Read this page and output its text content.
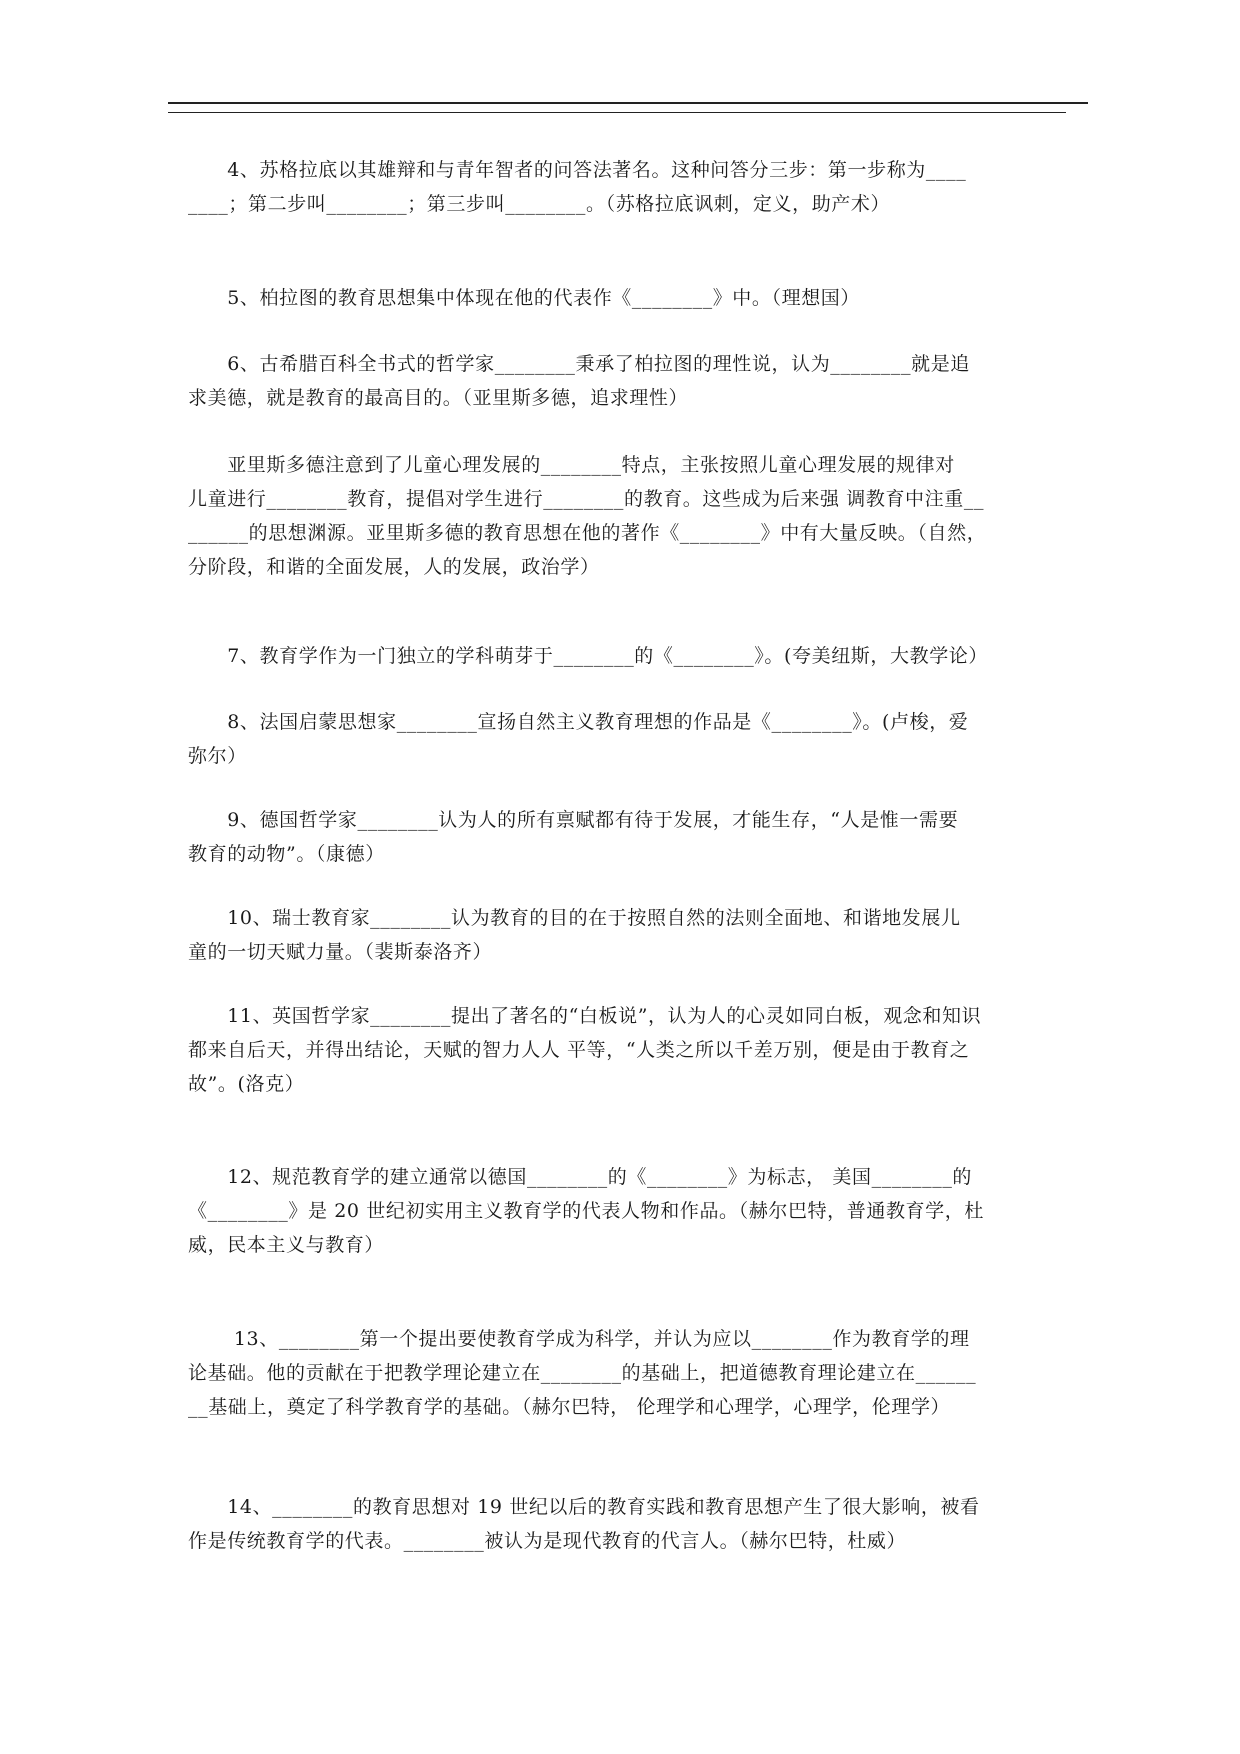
　　4、苏格拉底以其雄辩和与青年智者的问答法著名。这种问答分三步：第一步称为____
____；第二步叫________；第三步叫________。（苏格拉底讽刺，定义，助产术）
　　5、柏拉图的教育思想集中体现在他的代表作《________》中。（理想国）
　　6、古希腊百科全书式的哲学家________秉承了柏拉图的理性说，认为________就是追
求美德，就是教育的最高目的。（亚里斯多德，追求理性）
　　亚里斯多德注意到了儿童心理发展的________特点，主张按照儿童心理发展的规律对
儿童进行________教育，提倡对学生进行________的教育。这些成为后来强 调教育中注重__
______的思想渊源。亚里斯多德的教育思想在他的著作《________》中有大量反映。（自然，
分阶段，和谐的全面发展，人的发展，政治学）
　　7、教育学作为一门独立的学科萌芽于________的《________》。(夸美纽斯，大教学论）
　　8、法国启蒙思想家________宣扬自然主义教育理想的作品是《________》。(卢梭，爱
弥尔）
　　9、德国哲学家________认为人的所有禀赋都有待于发展，才能生存，“人是惟一需要
教育的动物”。（康德）
　　10、瑞士教育家________认为教育的目的在于按照自然的法则全面地、和谐地发展儿
童的一切天赋力量。（裴斯泰洛齐）
　　11、英国哲学家________提出了著名的“白板说”，认为人的心灵如同白板，观念和知识
都来自后天，并得出结论，天赋的智力人人 平等，“人类之所以千差万别，便是由于教育之
故”。(洛克）
　　12、规范教育学的建立通常以德国________的《________》为标志， 美国________的
《________》是 20 世纪初实用主义教育学的代表人物和作品。（赫尔巴特，普通教育学，杜
威，民本主义与教育）
　　 13、________第一个提出要使教育学成为科学，并认为应以________作为教育学的理
论基础。他的贡献在于把教学理论建立在________的基础上，把道德教育理论建立在______
__基础上，奠定了科学教育学的基础。（赫尔巴特， 伦理学和心理学，心理学，伦理学）
　　14、________的教育思想对 19 世纪以后的教育实践和教育思想产生了很大影响，被看
作是传统教育学的代表。________被认为是现代教育的代言人。（赫尔巴特，杜威）
